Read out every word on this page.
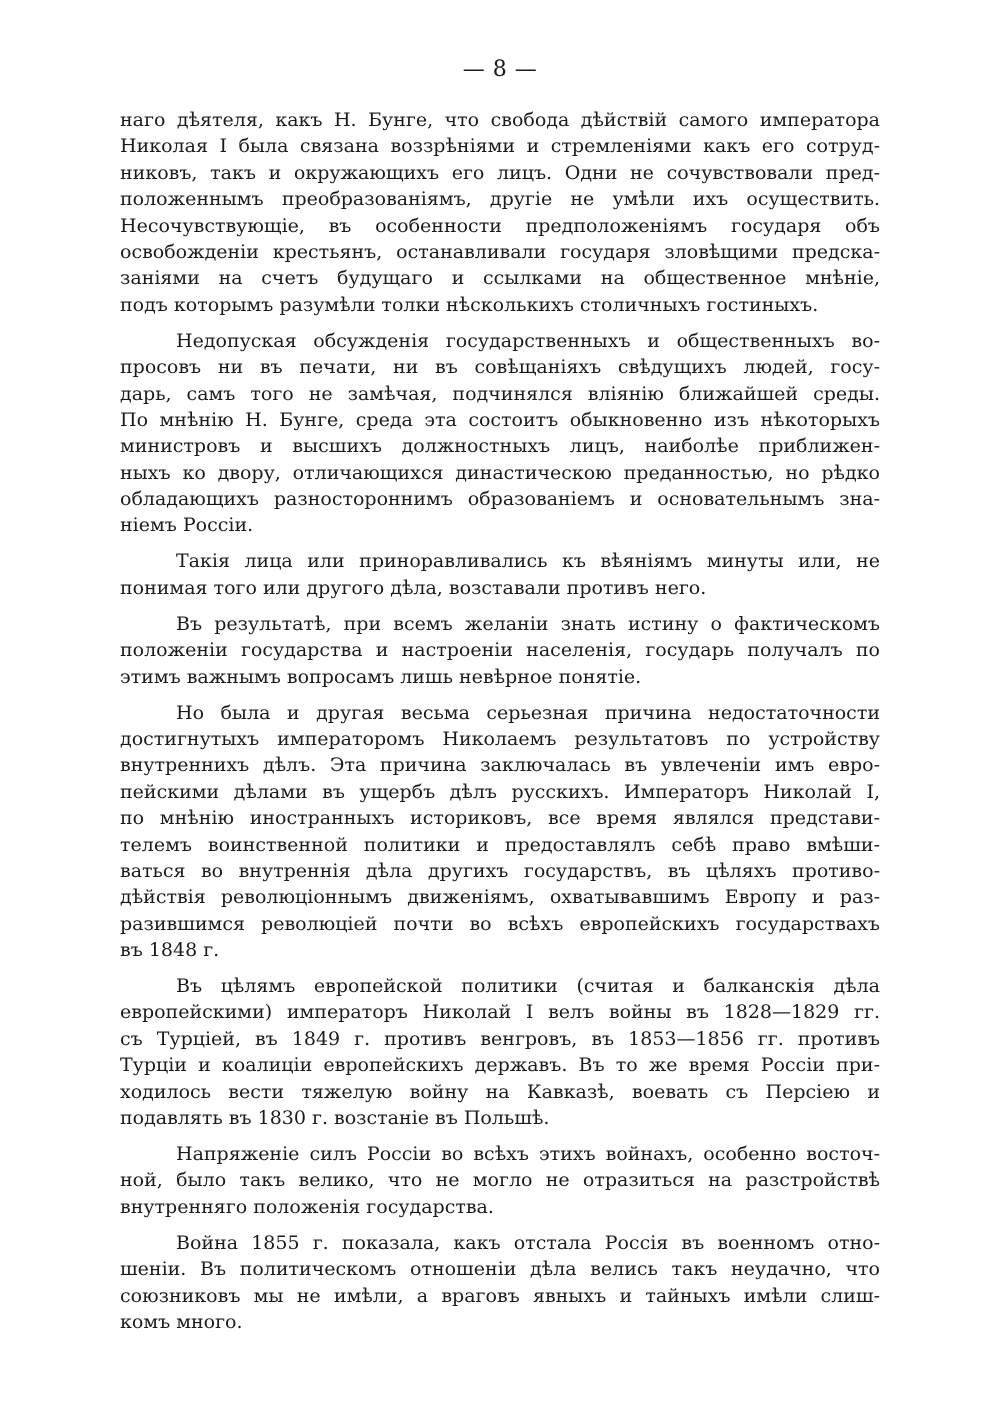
— 8 —
наго дѣятеля, какъ Н. Бунге, что свобода дѣйствій самого императора
Николая I была связана воззрѣніями и стремленіями какъ его сотруд-
никовъ, такъ и окружающихъ его лицъ. Одни не сочувствовали пред-
положеннымъ преобразованіямъ, другіе не умѣли ихъ осуществить.
Несочувствующіе, въ особенности предположеніямъ государя объ
освобожденіи крестьянъ, останавливали государя зловѣщими предска-
заніями на счетъ будущаго и ссылками на общественное мнѣніе,
подъ которымъ разумѣли толки нѣсколькихъ столичныхъ гостиныхъ.
Недопуская обсужденія государственныхъ и общественныхъ во-
просовъ ни въ печати, ни въ совѣщаніяхъ свѣдущихъ людей, госу-
дарь, самъ того не замѣчая, подчинялся вліянію ближайшей среды.
По мнѣнію Н. Бунге, среда эта состоитъ обыкновенно изъ нѣкоторыхъ
министровъ и высшихъ должностныхъ лицъ, наиболѣе приближен-
ныхъ ко двору, отличающихся династическою преданностью, но рѣдко
обладающихъ разностороннимъ образованіемъ и основательнымъ зна-
ніемъ Россіи.
Такія лица или приноравливались къ вѣяніямъ минуты или, не
понимая того или другого дѣла, возставали противъ него.
Въ результатѣ, при всемъ желаніи знать истину о фактическомъ
положеніи государства и настроеніи населенія, государь получалъ по
этимъ важнымъ вопросамъ лишь невѣрное понятіе.
Но была и другая весьма серьезная причина недостаточности
достигнутыхъ императоромъ Николаемъ результатовъ по устройству
внутреннихъ дѣлъ. Эта причина заключалась въ увлеченіи имъ евро-
пейскими дѣлами въ ущербъ дѣлъ русскихъ. Императоръ Николай I,
по мнѣнію иностранныхъ историковъ, все время являлся представи-
телемъ воинственной политики и предоставлялъ себѣ право вмѣши-
ваться во внутреннія дѣла другихъ государствъ, въ цѣляхъ противо-
дѣйствія революціоннымъ движеніямъ, охватывавшимъ Европу и раз-
разившимся революціей почти во всѣхъ европейскихъ государствахъ
въ 1848 г.
Въ цѣлямъ европейской политики (считая и балканскія дѣла
европейскими) императоръ Николай I велъ войны въ 1828—1829 гг.
съ Турціей, въ 1849 г. противъ венгровъ, въ 1853—1856 гг. противъ
Турціи и коалиціи европейскихъ державъ. Въ то же время Россіи при-
ходилось вести тяжелую войну на Кавказѣ, воевать съ Персіею и
подавлять въ 1830 г. возстаніе въ Польшѣ.
Напряженіе силъ Россіи во всѣхъ этихъ войнахъ, особенно восточ-
ной, было такъ велико, что не могло не отразиться на разстройствѣ
внутренняго положенія государства.
Война 1855 г. показала, какъ отстала Россія въ военномъ отно-
шеніи. Въ политическомъ отношеніи дѣла велись такъ неудачно, что
союзниковъ мы не имѣли, а враговъ явныхъ и тайныхъ имѣли слиш-
комъ много.
